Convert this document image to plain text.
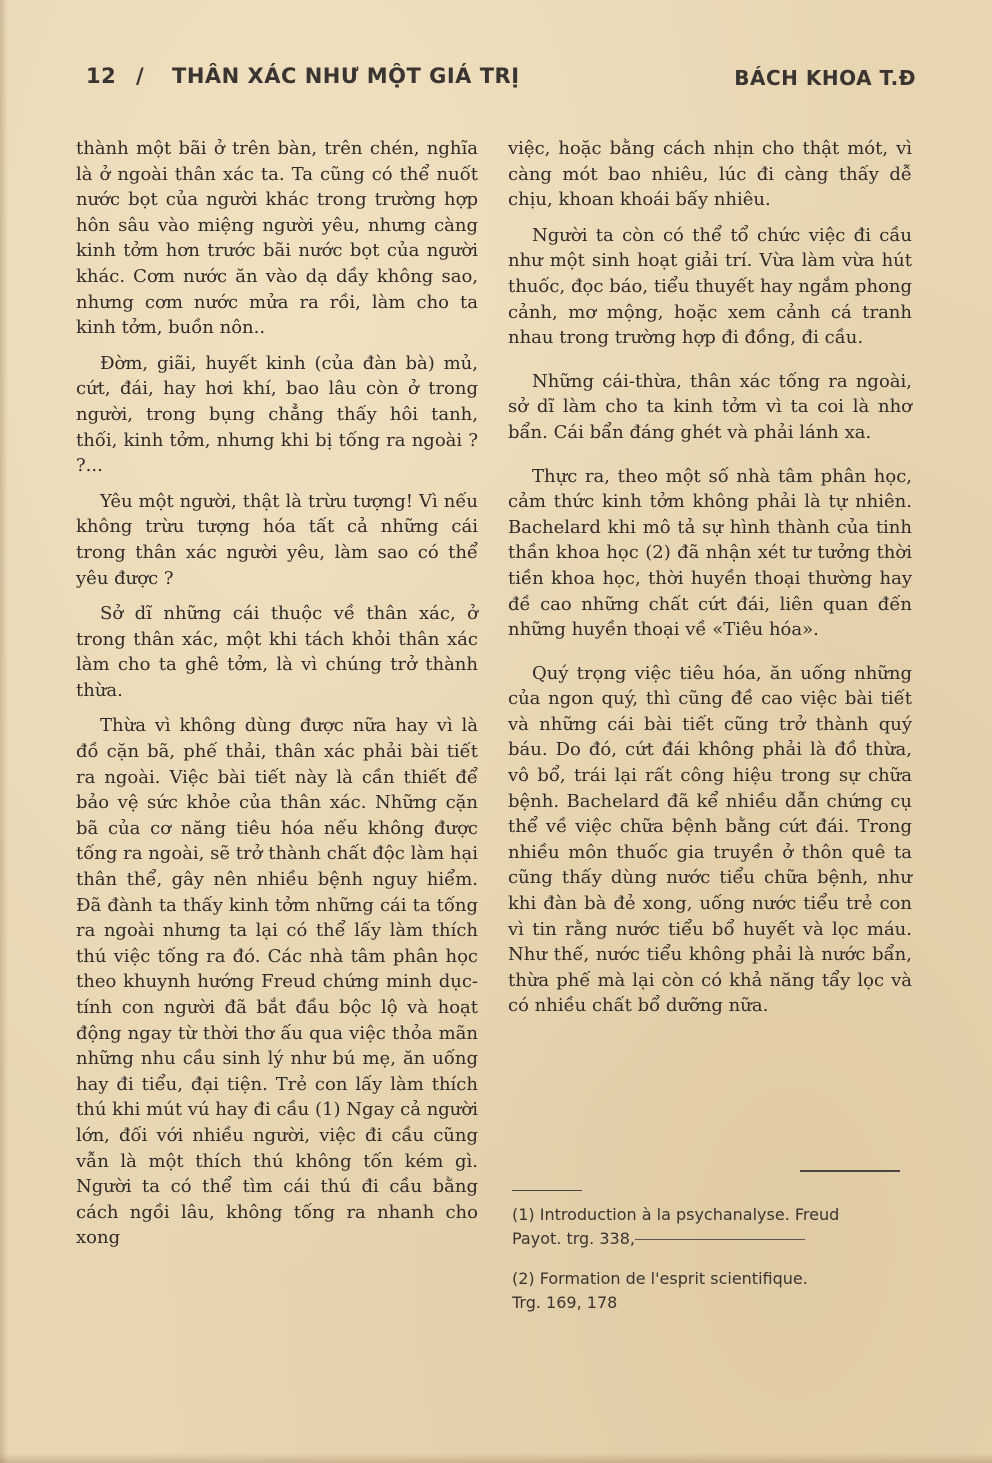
12 / THÂN XÁC NHƯ MỘT GIÁ TRỊ	BÁCH KHOA T.Đ

thành một bãi ở trên bàn, trên chén, nghĩa là ở ngoài thân xác ta. Ta cũng có thể nuốt nước bọt của người khác trong trường hợp hôn sâu vào miệng người yêu, nhưng càng kinh tởm hơn trước bãi nước bọt của người khác. Cơm nước ăn vào dạ dầy không sao, nhưng cơm nước mửa ra rồi, làm cho ta kinh tởm, buồn nôn..

Đờm, giãi, huyết kinh (của đàn bà) mủ, cứt, đái, hay hơi khí, bao lâu còn ở trong người, trong bụng chẳng thấy hôi tanh, thối, kinh tởm, nhưng khi bị tống ra ngoài ? ?...

Yêu một người, thật là trừu tượng! Vì nếu không trừu tượng hóa tất cả những cái trong thân xác người yêu, làm sao có thể yêu được ?

Sở dĩ những cái thuộc về thân xác, ở trong thân xác, một khi tách khỏi thân xác làm cho ta ghê tởm, là vì chúng trở thành thừa.

Thừa vì không dùng được nữa hay vì là đồ cặn bã, phế thải, thân xác phải bài tiết ra ngoài. Việc bài tiết này là cần thiết để bảo vệ sức khỏe của thân xác. Những cặn bã của cơ năng tiêu hóa nếu không được tống ra ngoài, sẽ trở thành chất độc làm hại thân thể, gây nên nhiều bệnh nguy hiểm. Đã đành ta thấy kinh tởm những cái ta tống ra ngoài nhưng ta lại có thể lấy làm thích thú việc tống ra đó. Các nhà tâm phân học theo khuynh hướng Freud chứng minh dục-tính con người đã bắt đầu bộc lộ và hoạt động ngay từ thời thơ ấu qua việc thỏa mãn những nhu cầu sinh lý như bú mẹ, ăn uống hay đi tiểu, đại tiện. Trẻ con lấy làm thích thú khi mút vú hay đi cầu (1) Ngay cả người lớn, đối với nhiều người, việc đi cầu cũng vẫn là một thích thú không tốn kém gì. Người ta có thể tìm cái thú đi cầu bằng cách ngồi lâu, không tống ra nhanh cho xong

việc, hoặc bằng cách nhịn cho thật mót, vì càng mót bao nhiêu, lúc đi càng thấy dễ chịu, khoan khoái bấy nhiêu.

Người ta còn có thể tổ chức việc đi cầu như một sinh hoạt giải trí. Vừa làm vừa hút thuốc, đọc báo, tiểu thuyết hay ngắm phong cảnh, mơ mộng, hoặc xem cảnh cá tranh nhau trong trường hợp đi đồng, đi cầu.

Những cái-thừa, thân xác tống ra ngoài, sở dĩ làm cho ta kinh tởm vì ta coi là nhơ bẩn. Cái bẩn đáng ghét và phải lánh xa.

Thực ra, theo một số nhà tâm phân học, cảm thức kinh tởm không phải là tự nhiên. Bachelard khi mô tả sự hình thành của tinh thần khoa học (2) đã nhận xét tư tưởng thời tiền khoa học, thời huyền thoại thường hay đề cao những chất cứt đái, liên quan đến những huyền thoại về «Tiêu hóa».

Quý trọng việc tiêu hóa, ăn uống những của ngon quý, thì cũng đề cao việc bài tiết và những cái bài tiết cũng trở thành quý báu. Do đó, cứt đái không phải là đồ thừa, vô bổ, trái lại rất công hiệu trong sự chữa bệnh. Bachelard đã kể nhiều dẫn chứng cụ thể về việc chữa bệnh bằng cứt đái. Trong nhiều môn thuốc gia truyền ở thôn quê ta cũng thấy dùng nước tiểu chữa bệnh, như khi đàn bà đẻ xong, uống nước tiểu trẻ con vì tin rằng nước tiểu bổ huyết và lọc máu. Như thế, nước tiểu không phải là nước bẩn, thừa phế mà lại còn có khả năng tẩy lọc và có nhiều chất bổ dưỡng nữa.

(1) Introduction à la psychanalyse. Freud
Payot. trg. 338,
(2) Formation de l'esprit scientifique.
Trg. 169, 178
